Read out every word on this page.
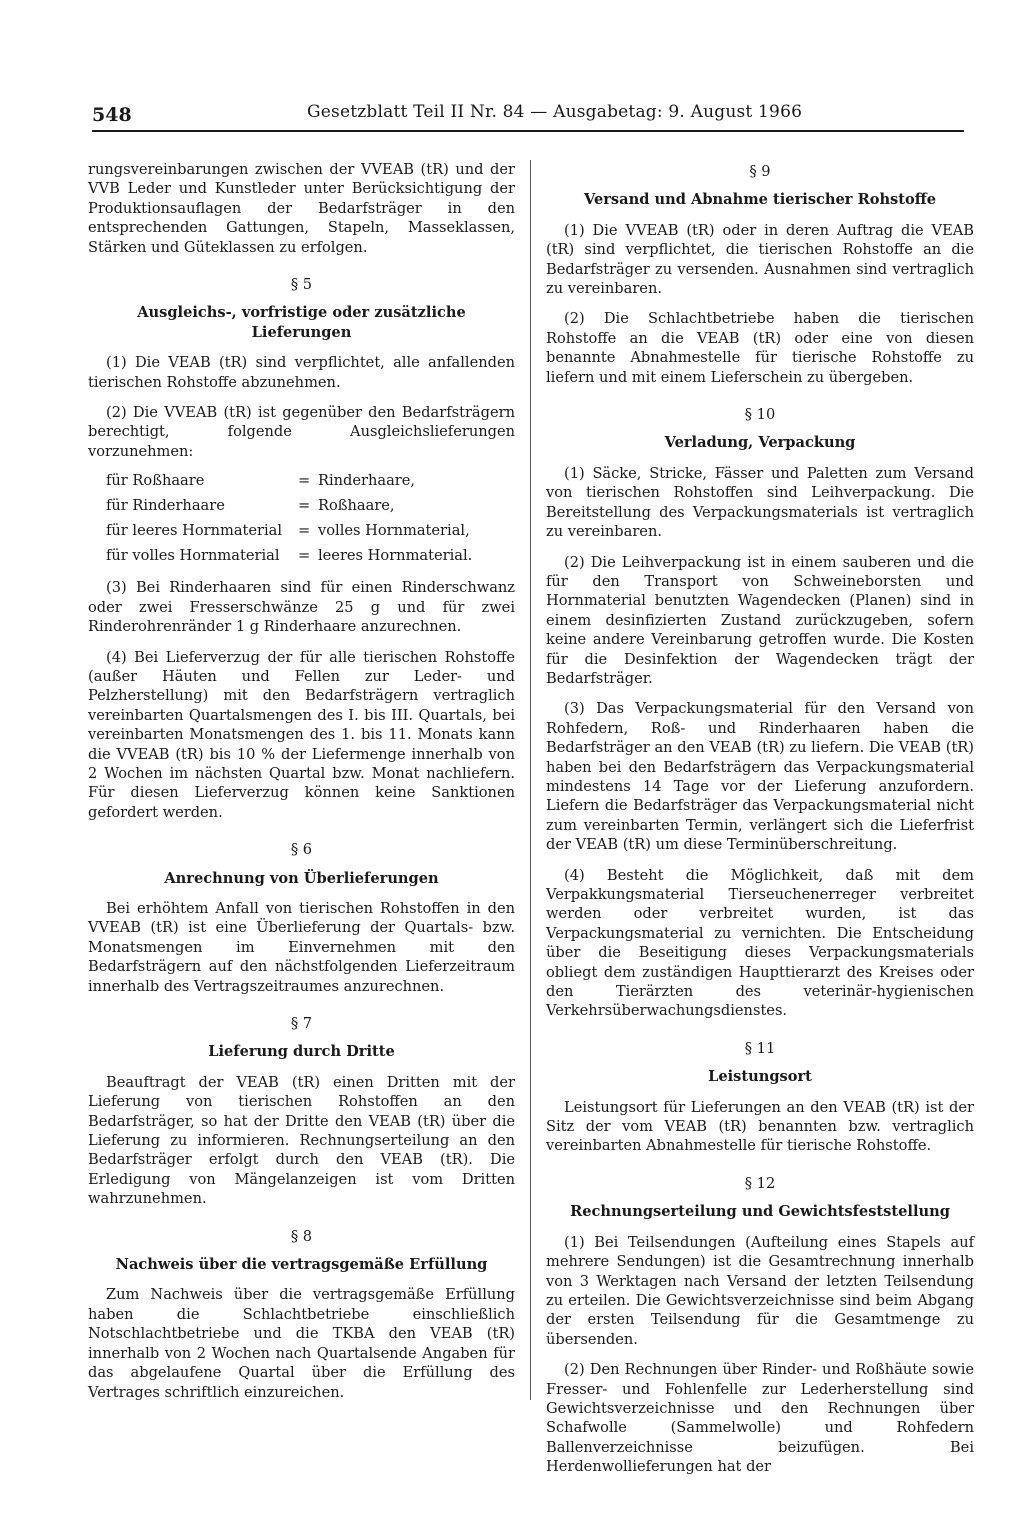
548	Gesetzblatt Teil II Nr. 84 — Ausgabetag: 9. August 1966

rungsvereinbarungen zwischen der VVEAB (tR) und der VVB Leder und Kunstleder unter Berücksichtigung der Produktionsauflagen der Bedarfsträger in den entsprechenden Gattungen, Stapeln, Masseklassen, Stärken und Güteklassen zu erfolgen.

§ 5
Ausgleichs-, vorfristige oder zusätzliche Lieferungen

(1) Die VEAB (tR) sind verpflichtet, alle anfallenden tierischen Rohstoffe abzunehmen.

(2) Die VVEAB (tR) ist gegenüber den Bedarfsträgern berechtigt, folgende Ausgleichslieferungen vorzunehmen:

für Roßhaare	=	Rinderhaare,
für Rinderhaare	=	Roßhaare,
für leeres Hornmaterial	=	volles Hornmaterial,
für volles Hornmaterial	=	leeres Hornmaterial.

(3) Bei Rinderhaaren sind für einen Rinderschwanz oder zwei Fresserschwänze 25 g und für zwei Rinderohrenränder 1 g Rinderhaare anzurechnen.

(4) Bei Lieferverzug der für alle tierischen Rohstoffe (außer Häuten und Fellen zur Leder- und Pelzherstellung) mit den Bedarfsträgern vertraglich vereinbarten Quartalsmengen des I. bis III. Quartals, bei vereinbarten Monatsmengen des 1. bis 11. Monats kann die VVEAB (tR) bis 10 % der Liefermenge innerhalb von 2 Wochen im nächsten Quartal bzw. Monat nachliefern. Für diesen Lieferverzug können keine Sanktionen gefordert werden.

§ 6
Anrechnung von Überlieferungen

Bei erhöhtem Anfall von tierischen Rohstoffen in den VVEAB (tR) ist eine Überlieferung der Quartals- bzw. Monatsmengen im Einvernehmen mit den Bedarfsträgern auf den nächstfolgenden Lieferzeitraum innerhalb des Vertragszeitraumes anzurechnen.

§ 7
Lieferung durch Dritte

Beauftragt der VEAB (tR) einen Dritten mit der Lieferung von tierischen Rohstoffen an den Bedarfsträger, so hat der Dritte den VEAB (tR) über die Lieferung zu informieren. Rechnungserteilung an den Bedarfsträger erfolgt durch den VEAB (tR). Die Erledigung von Mängelanzeigen ist vom Dritten wahrzunehmen.

§ 8
Nachweis über die vertragsgemäße Erfüllung

Zum Nachweis über die vertragsgemäße Erfüllung haben die Schlachtbetriebe einschließlich Notschlachtbetriebe und die TKBA den VEAB (tR) innerhalb von 2 Wochen nach Quartalsende Angaben für das abgelaufene Quartal über die Erfüllung des Vertrages schriftlich einzureichen.

§ 9
Versand und Abnahme tierischer Rohstoffe

(1) Die VVEAB (tR) oder in deren Auftrag die VEAB (tR) sind verpflichtet, die tierischen Rohstoffe an die Bedarfsträger zu versenden. Ausnahmen sind vertraglich zu vereinbaren.

(2) Die Schlachtbetriebe haben die tierischen Rohstoffe an die VEAB (tR) oder eine von diesen benannte Abnahmestelle für tierische Rohstoffe zu liefern und mit einem Lieferschein zu übergeben.

§ 10
Verladung, Verpackung

(1) Säcke, Stricke, Fässer und Paletten zum Versand von tierischen Rohstoffen sind Leihverpackung. Die Bereitstellung des Verpackungsmaterials ist vertraglich zu vereinbaren.

(2) Die Leihverpackung ist in einem sauberen und die für den Transport von Schweineborsten und Hornmaterial benutzten Wagendecken (Planen) sind in einem desinfizierten Zustand zurückzugeben, sofern keine andere Vereinbarung getroffen wurde. Die Kosten für die Desinfektion der Wagendecken trägt der Bedarfsträger.

(3) Das Verpackungsmaterial für den Versand von Rohfedern, Roß- und Rinderhaaren haben die Bedarfsträger an den VEAB (tR) zu liefern. Die VEAB (tR) haben bei den Bedarfsträgern das Verpackungsmaterial mindestens 14 Tage vor der Lieferung anzufordern. Liefern die Bedarfsträger das Verpackungsmaterial nicht zum vereinbarten Termin, verlängert sich die Lieferfrist der VEAB (tR) um diese Terminüberschreitung.

(4) Besteht die Möglichkeit, daß mit dem Verpakkungsmaterial Tierseuchenerreger verbreitet werden oder verbreitet wurden, ist das Verpackungsmaterial zu vernichten. Die Entscheidung über die Beseitigung dieses Verpackungsmaterials obliegt dem zuständigen Haupttierarzt des Kreises oder den Tierärzten des veterinär-hygienischen Verkehrsüberwachungsdienstes.

§ 11
Leistungsort

Leistungsort für Lieferungen an den VEAB (tR) ist der Sitz der vom VEAB (tR) benannten bzw. vertraglich vereinbarten Abnahmestelle für tierische Rohstoffe.

§ 12
Rechnungserteilung und Gewichtsfeststellung

(1) Bei Teilsendungen (Aufteilung eines Stapels auf mehrere Sendungen) ist die Gesamtrechnung innerhalb von 3 Werktagen nach Versand der letzten Teilsendung zu erteilen. Die Gewichtsverzeichnisse sind beim Abgang der ersten Teilsendung für die Gesamtmenge zu übersenden.

(2) Den Rechnungen über Rinder- und Roßhäute sowie Fresser- und Fohlenfelle zur Lederherstellung sind Gewichtsverzeichnisse und den Rechnungen über Schafwolle (Sammelwolle) und Rohfedern Ballenverzeichnisse beizufügen. Bei Herdenwollieferungen hat der
